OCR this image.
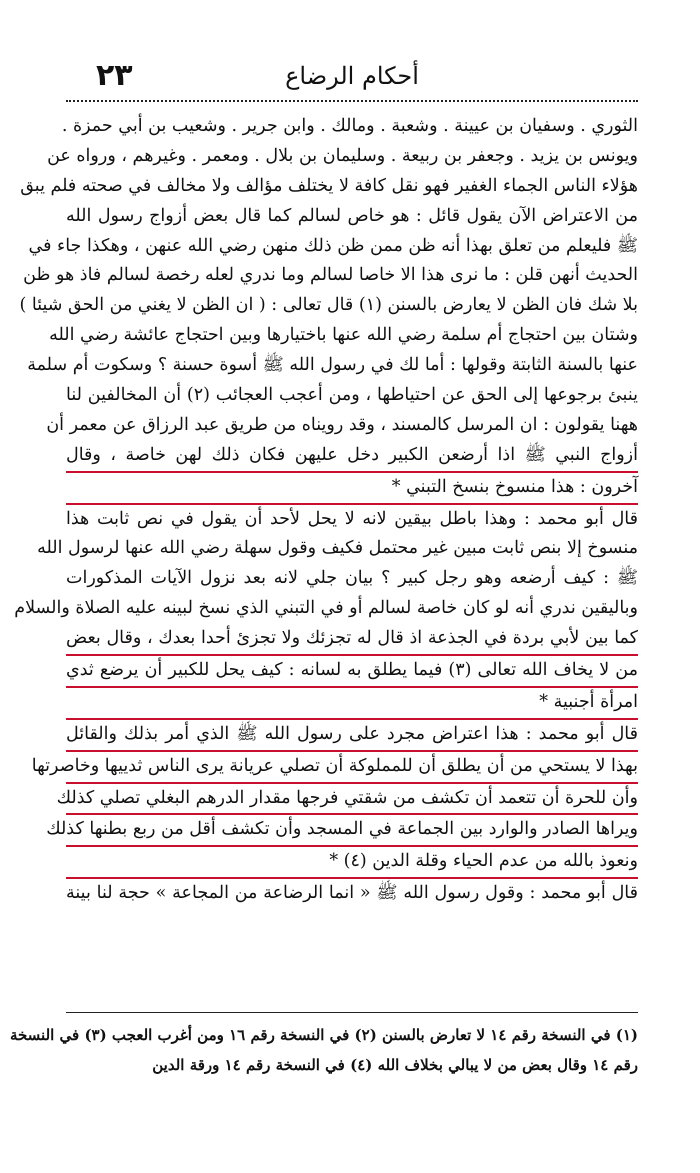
٢٣	أحكام الرضاع
الثوري . وسفيان بن عيينة . وشعبة . ومالك . وابن جرير . وشعيب بن أبي حمزة .
ويونس بن يزيد . وجعفر بن ربيعة . وسليمان بن بلال . ومعمر . وغيرهم ، ورواه عن
هؤلاء الناس الجماء الغفير فهو نقل كافة لا يختلف مؤالف ولا مخالف في صحته فلم يبق
من الاعتراض الآن يقول قائل : هو خاص لسالم كما قال بعض أزواج رسول الله
ﷺ فليعلم من تعلق بهذا أنه ظن ممن ظن ذلك منهن رضي الله عنهن ، وهكذا جاء في
الحديث أنهن قلن : ما نرى هذا الا خاصا لسالم وما ندري لعله رخصة لسالم فاذ هو ظن
بلا شك فان الظن لا يعارض بالسنن (١) قال تعالى : ( ان الظن لا يغني من الحق شيئا )
وشتان بين احتجاج أم سلمة رضي الله عنها باختيارها وبين احتجاج عائشة رضي الله
عنها بالسنة الثابتة وقولها : أما لك في رسول الله ﷺ أسوة حسنة ؟ وسكوت أم سلمة
ينبئ برجوعها إلى الحق عن احتياطها ، ومن أعجب العجائب (٢) أن المخالفين لنا
ههنا يقولون : ان المرسل كالمسند ، وقد رويناه من طريق عبد الرزاق عن معمر أن
أزواج النبي ﷺ اذا أرضعن الكبير دخل عليهن فكان ذلك لهن خاصة ، وقال
آخرون : هذا منسوخ بنسخ التبني *
قال أبو محمد : وهذا باطل بيقين لانه لا يحل لأحد أن يقول في نص ثابت هذا
منسوخ إلا بنص ثابت مبين غير محتمل فكيف وقول سهلة رضي الله عنها لرسول الله
ﷺ : كيف أرضعه وهو رجل كبير ؟ بيان جلي لانه بعد نزول الآيات المذكورات
وباليقين ندري أنه لو كان خاصة لسالم أو في التبني الذي نسخ لبينه عليه الصلاة والسلام
كما بين لأبي بردة في الجذعة اذ قال له تجزئك ولا تجزئ أحدا بعدك ، وقال بعض
من لا يخاف الله تعالى (٣) فيما يطلق به لسانه : كيف يحل للكبير أن يرضع ثدي
امرأة أجنبية *
قال أبو محمد : هذا اعتراض مجرد على رسول الله ﷺ الذي أمر بذلك والقائل
بهذا لا يستحي من أن يطلق أن للمملوكة أن تصلي عريانة يرى الناس ثدييها وخاصرتها
وأن للحرة أن تتعمد أن تكشف من شقتي فرجها مقدار الدرهم البغلي تصلي كذلك
ويراها الصادر والوارد بين الجماعة في المسجد وأن تكشف أقل من ربع بطنها كذلك
ونعوذ بالله من عدم الحياء وقلة الدين (٤) *
قال أبو محمد : وقول رسول الله ﷺ « انما الرضاعة من المجاعة » حجة لنا بينة
(١) في النسخة رقم ١٤ لا تعارض بالسنن (٢) في النسخة رقم ١٦ ومن أغرب العجب (٣) في النسخة
رقم ١٤ وقال بعض من لا يبالي بخلاف الله (٤) في النسخة رقم ١٤ ورقة الدين
